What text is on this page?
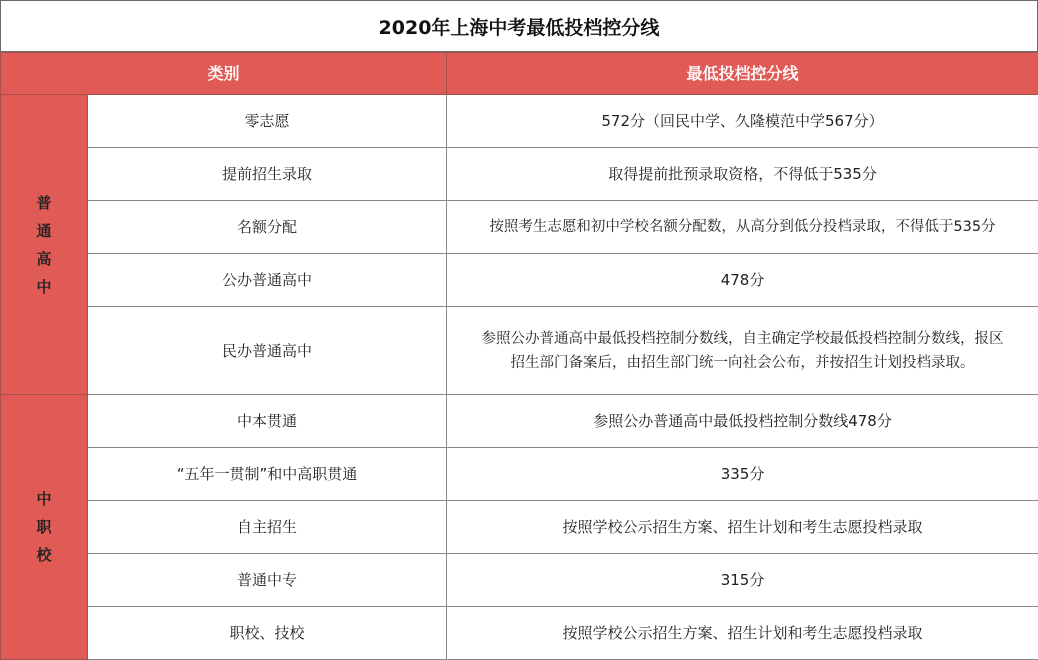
2020年上海中考最低投档控分线
类别		最低投档控分线
普通高中	零志愿	572分（回民中学、久隆模范中学567分）
	提前招生录取	取得提前批预录取资格，不得低于535分
	名额分配	按照考生志愿和初中学校名额分配数，从高分到低分投档录取，不得低于535分
	公办普通高中	478分
	民办普通高中	参照公办普通高中最低投档控制分数线，自主确定学校最低投档控制分数线，报区
招生部门备案后，由招生部门统一向社会公布，并按招生计划投档录取。

中职校	中本贯通	参照公办普通高中最低投档控制分数线478分
	“五年一贯制”和中高职贯通	335分
	自主招生	按照学校公示招生方案、招生计划和考生志愿投档录取
	普通中专	315分
	职校、技校	按照学校公示招生方案、招生计划和考生志愿投档录取
